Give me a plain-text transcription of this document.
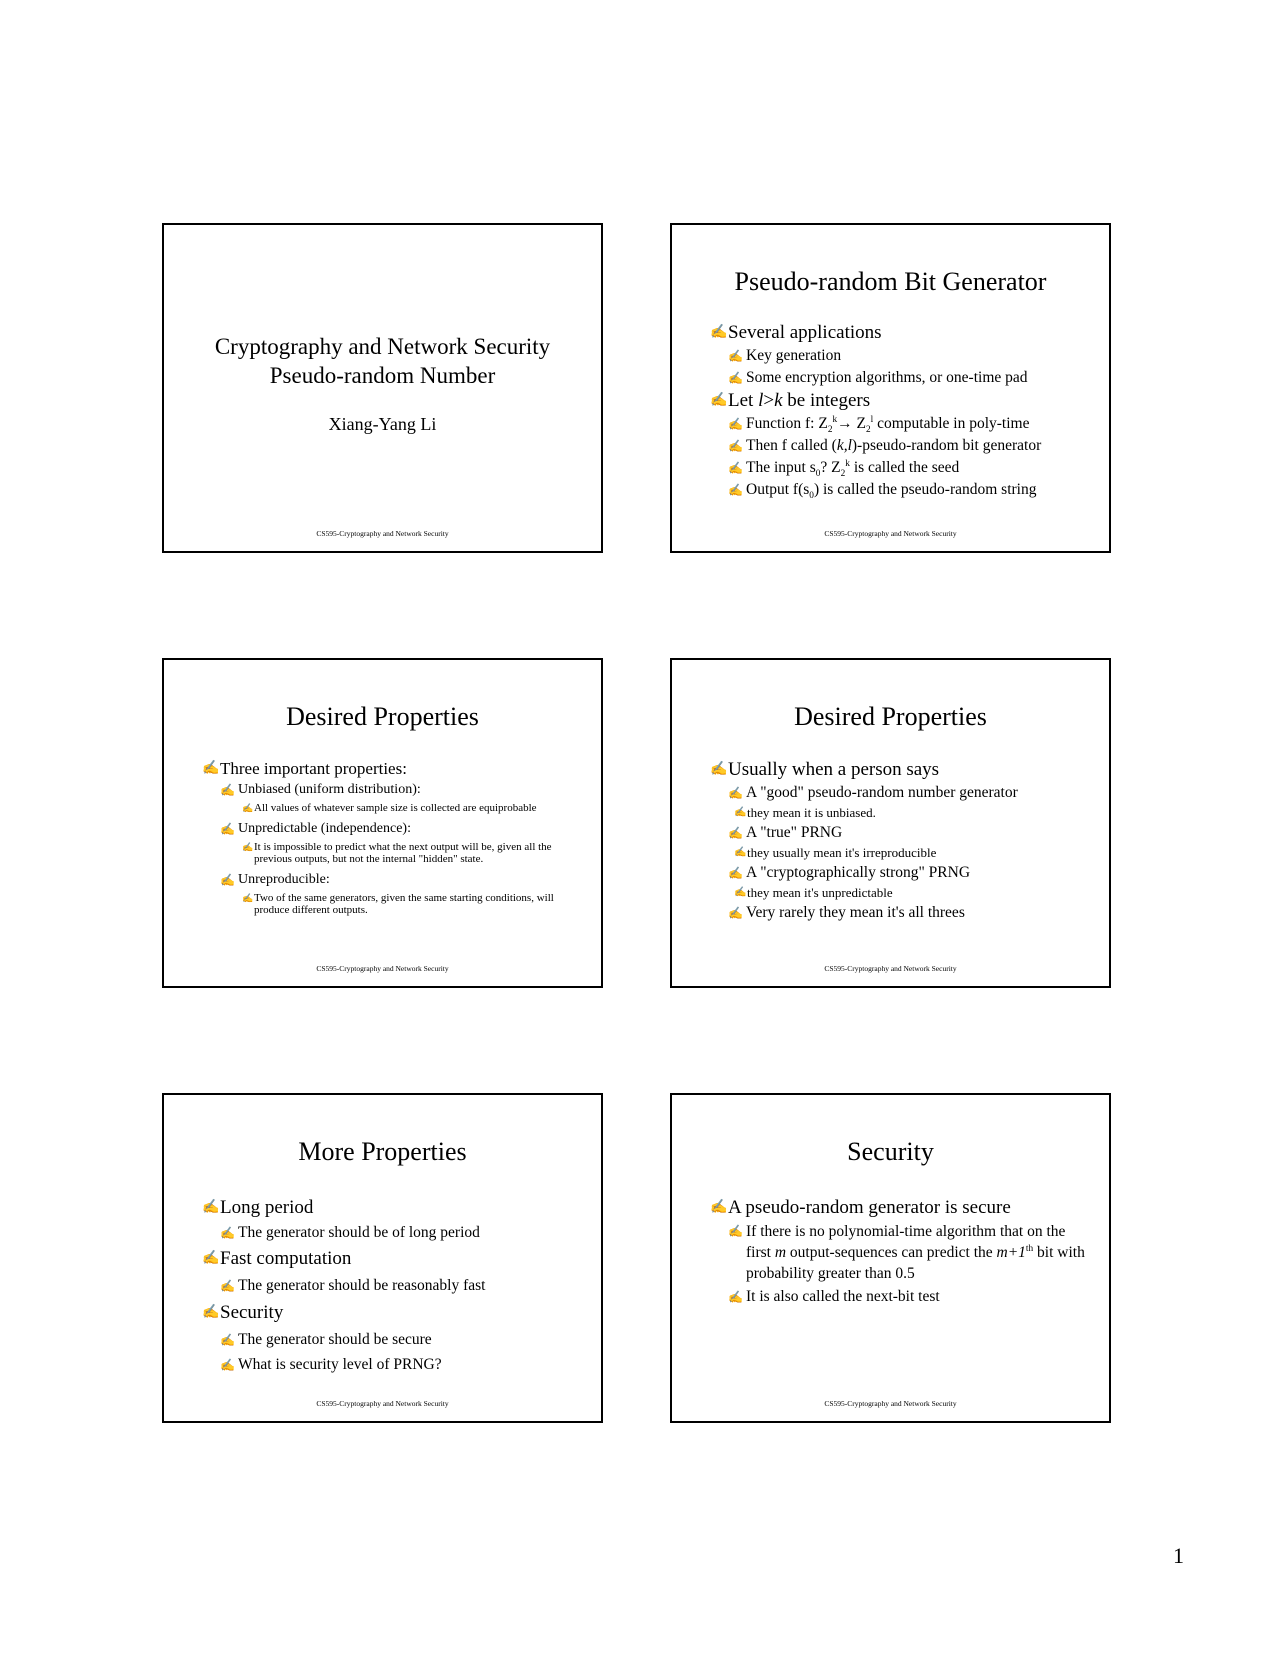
Cryptography and Network Security
Pseudo-random Number
Xiang-Yang Li
CS595-Cryptography and Network Security
Pseudo-random Bit Generator
✍ Several applications
✍ Key generation
✍ Some encryption algorithms, or one-time pad
✍ Let l>k be integers
✍ Function f: $Z_2^k\to Z_2^l$ computable in poly-time
✍ Then f called (k,l)-pseudo-random bit generator
✍ The input $s_0$? $Z_2^k$ is called the seed
✍ Output $f(s_0)$ is called the pseudo-random string
CS595-Cryptography and Network Security
Desired Properties
✍ Three important properties:
✍ Unbiased (uniform distribution):
✍ All values of whatever sample size is collected are equiprobable
✍ Unpredictable (independence):
✍ It is impossible to predict what the next output will be, given all the previous outputs, but not the internal "hidden" state.
✍ Unreproducible:
✍ Two of the same generators, given the same starting conditions, will produce different outputs.
CS595-Cryptography and Network Security
Desired Properties
✍ Usually when a person says
✍ A "good" pseudo-random number generator
✍ they mean it is unbiased.
✍ A "true" PRNG
✍ they usually mean it's irreproducible
✍ A "cryptographically strong" PRNG
✍ they mean it's unpredictable
✍ Very rarely they mean it's all threes
CS595-Cryptography and Network Security
More Properties
✍ Long period
✍ The generator should be of long period
✍ Fast computation
✍ The generator should be reasonably fast
✍ Security
✍ The generator should be secure
✍ What is security level of PRNG?
CS595-Cryptography and Network Security
Security
✍ A pseudo-random generator is secure
✍ If there is no polynomial-time algorithm that on the first m output-sequences can predict the m+1th bit with probability greater than 0.5
✍ It is also called the next-bit test
CS595-Cryptography and Network Security
1
